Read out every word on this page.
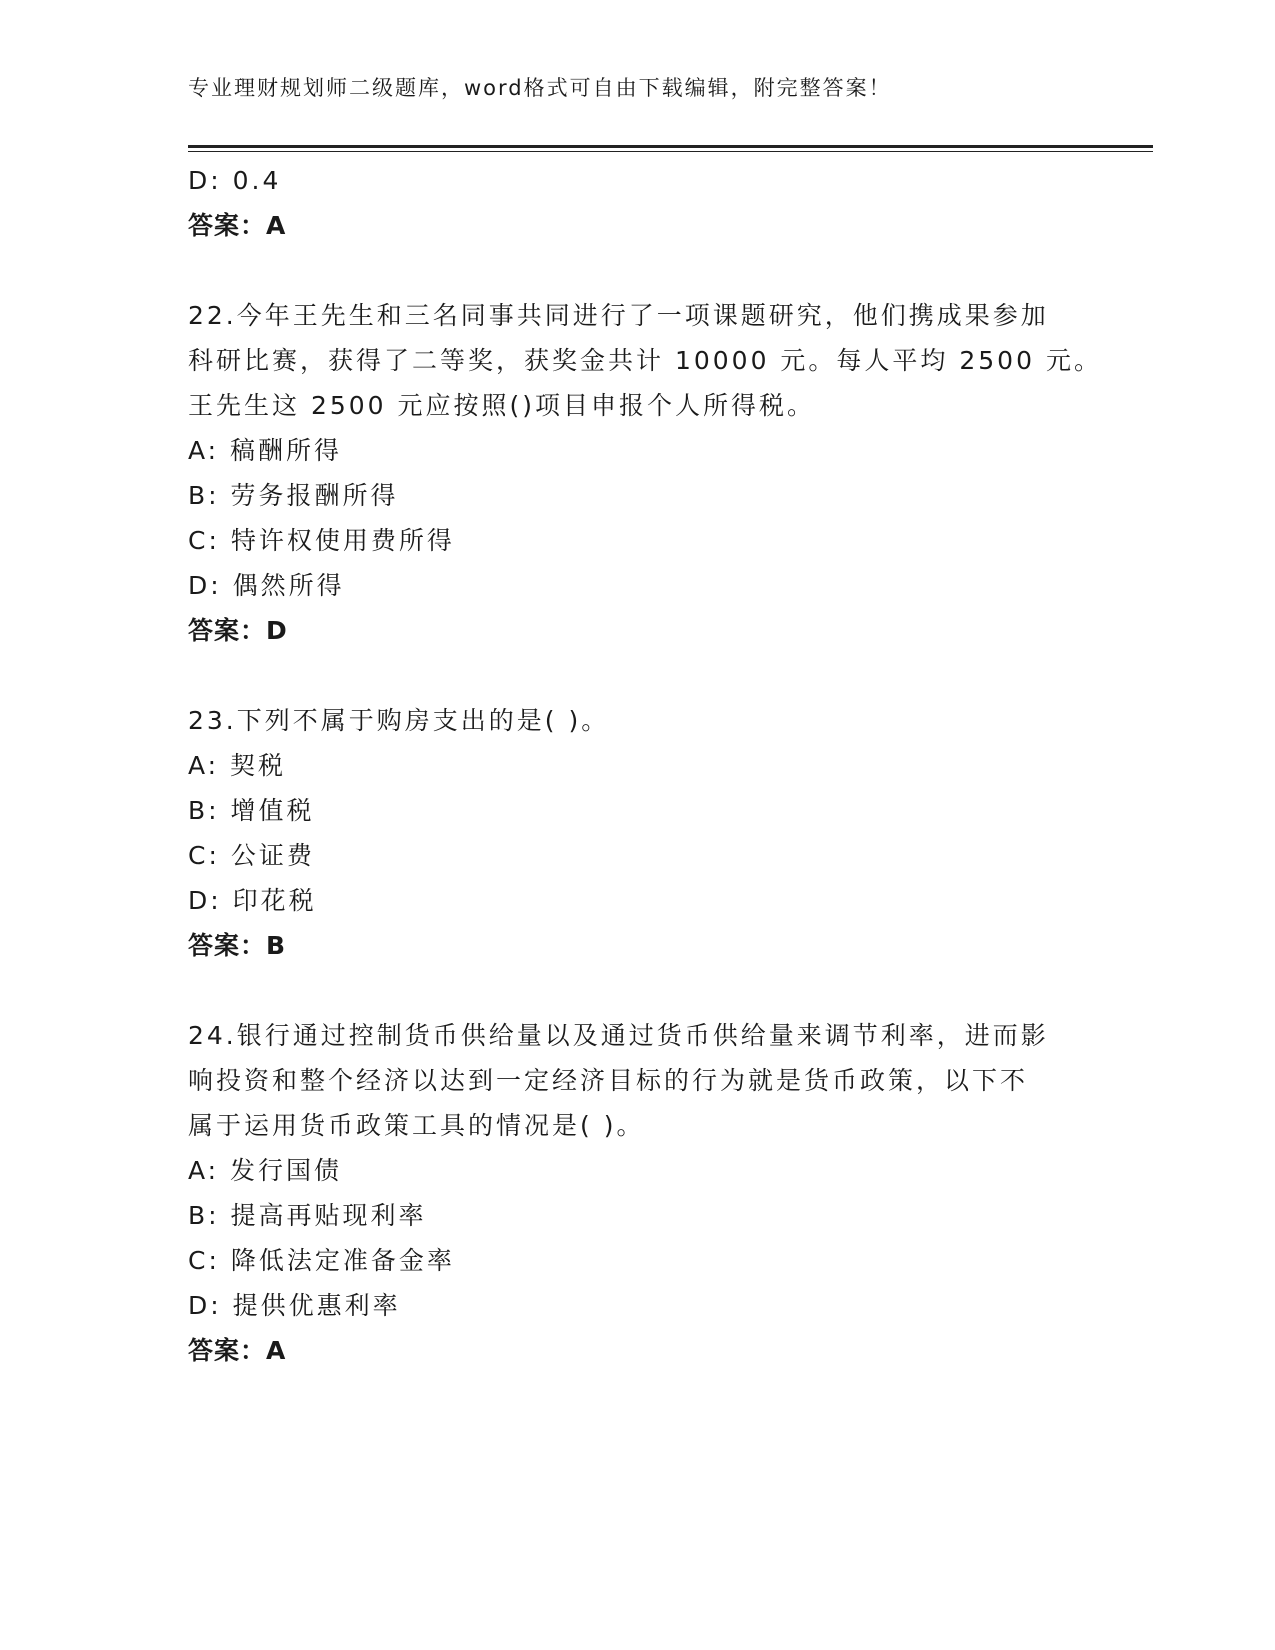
专业理财规划师二级题库，word格式可自由下载编辑，附完整答案！
D: 0.4
答案：A
22.今年王先生和三名同事共同进行了一项课题研究，他们携成果参加
科研比赛，获得了二等奖，获奖金共计 10000 元。每人平均 2500 元。
王先生这 2500 元应按照()项目申报个人所得税。
A: 稿酬所得
B: 劳务报酬所得
C: 特许权使用费所得
D: 偶然所得
答案：D
23.下列不属于购房支出的是( )。
A: 契税
B: 增值税
C: 公证费
D: 印花税
答案：B
24.银行通过控制货币供给量以及通过货币供给量来调节利率，进而影
响投资和整个经济以达到一定经济目标的行为就是货币政策，以下不
属于运用货币政策工具的情况是( )。
A: 发行国债
B: 提高再贴现利率
C: 降低法定准备金率
D: 提供优惠利率
答案：A
